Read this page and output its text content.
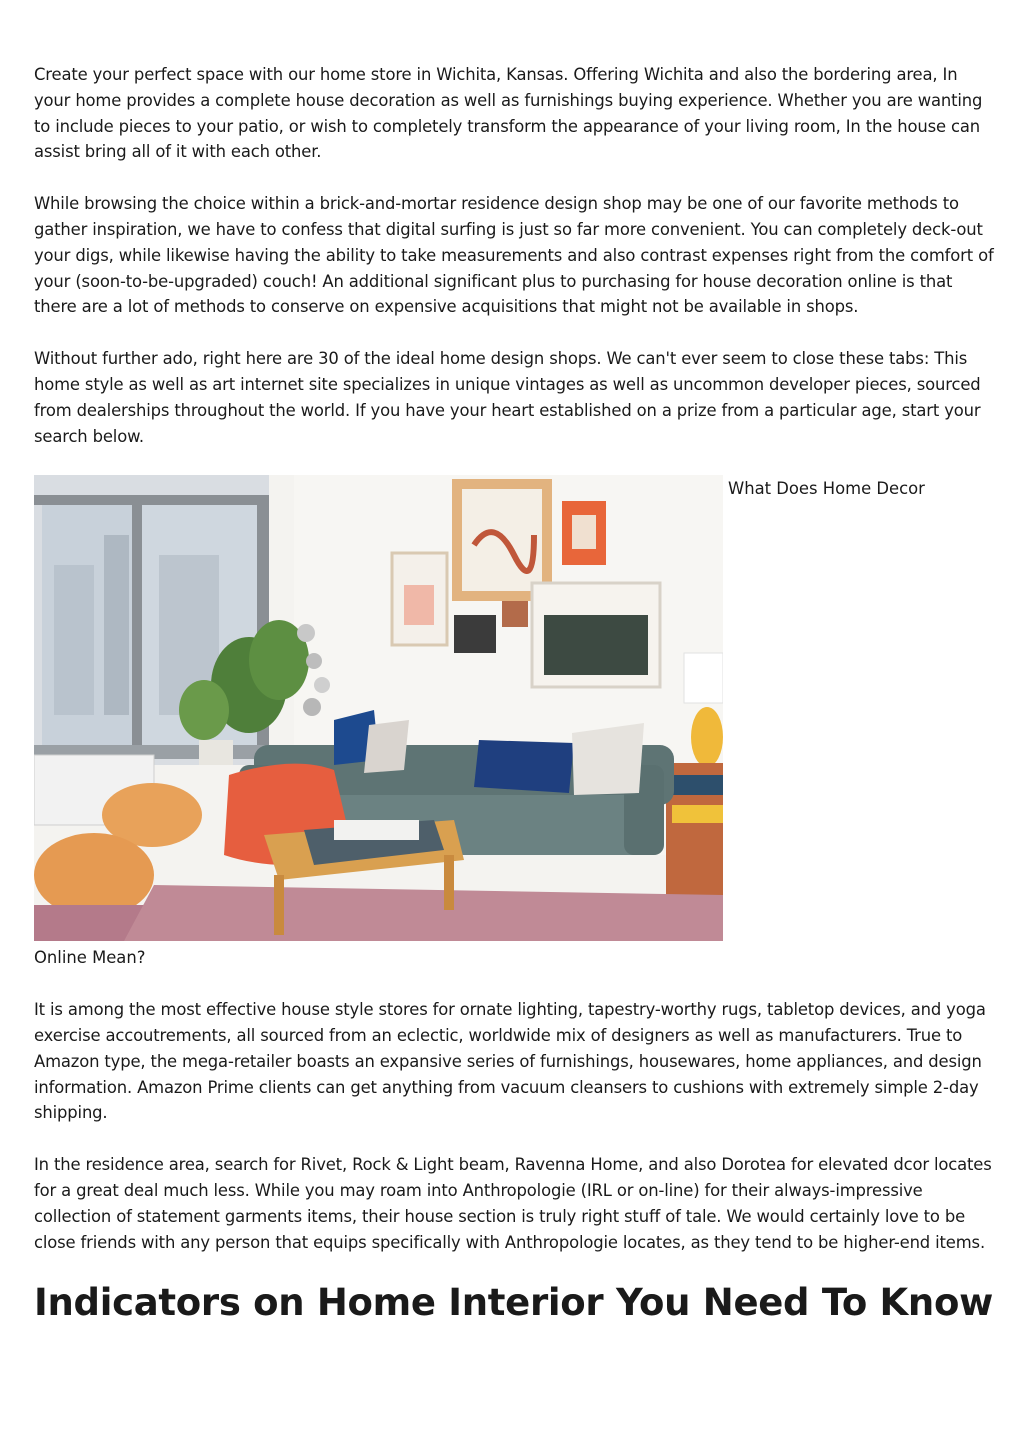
Create your perfect space with our home store in Wichita, Kansas. Offering Wichita and also the bordering area, In your home provides a complete house decoration as well as furnishings buying experience. Whether you are wanting to include pieces to your patio, or wish to completely transform the appearance of your living room, In the house can assist bring all of it with each other.

While browsing the choice within a brick-and-mortar residence design shop may be one of our favorite methods to gather inspiration, we have to confess that digital surfing is just so far more convenient. You can completely deck-out your digs, while likewise having the ability to take measurements and also contrast expenses right from the comfort of your (soon-to-be-upgraded) couch! An additional significant plus to purchasing for house decoration online is that there are a lot of methods to conserve on expensive acquisitions that might not be available in shops.

Without further ado, right here are 30 of the ideal home design shops. We can't ever seem to close these tabs: This home style as well as art internet site specializes in unique vintages as well as uncommon developer pieces, sourced from dealerships throughout the world. If you have your heart established on a prize from a particular age, start your search below.

What Does Home Decor
Online Mean?

It is among the most effective house style stores for ornate lighting, tapestry-worthy rugs, tabletop devices, and yoga exercise accoutrements, all sourced from an eclectic, worldwide mix of designers as well as manufacturers. True to Amazon type, the mega-retailer boasts an expansive series of furnishings, housewares, home appliances, and design information. Amazon Prime clients can get anything from vacuum cleansers to cushions with extremely simple 2-day shipping.

In the residence area, search for Rivet, Rock & Light beam, Ravenna Home, and also Dorotea for elevated dcor locates for a great deal much less. While you may roam into Anthropologie (IRL or on-line) for their always-impressive collection of statement garments items, their house section is truly right stuff of tale. We would certainly love to be close friends with any person that equips specifically with Anthropologie locates, as they tend to be higher-end items.

Indicators on Home Interior You Need To Know
